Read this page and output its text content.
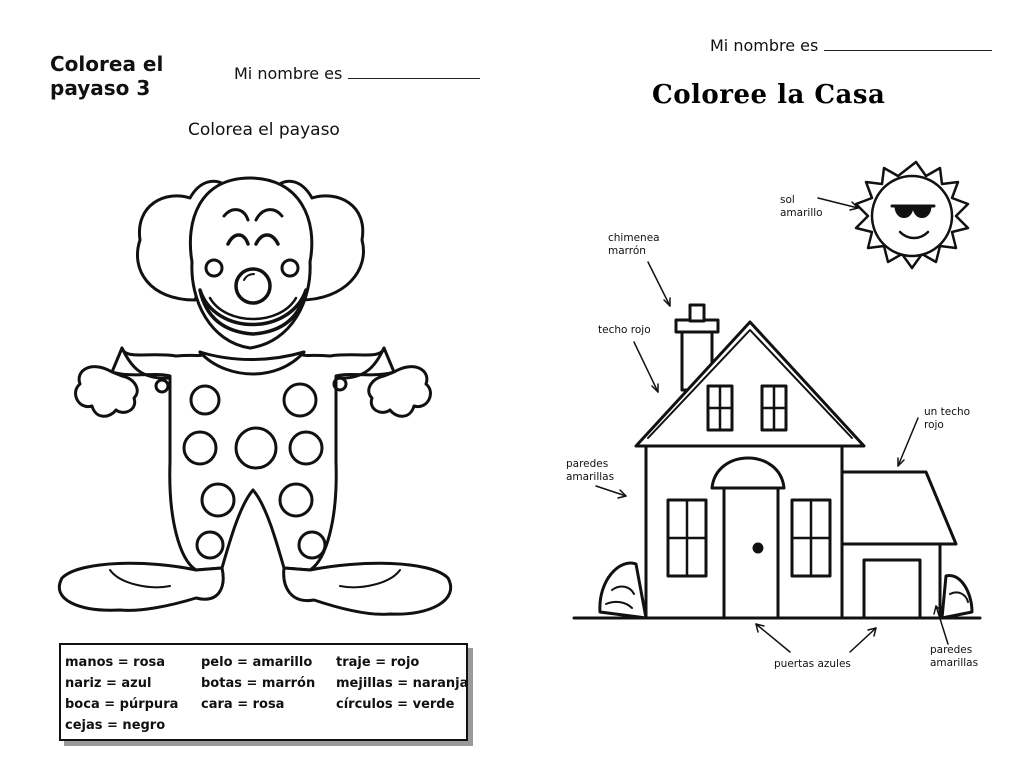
Colorea el payaso 3
Mi nombre es
Colorea el payaso
manos = rosa	pelo = amarillo	traje = rojo
nariz = azul	botas = marrón	mejillas = naranja
boca = púrpura	cara = rosa	círculos = verde
cejas = negro
Mi nombre es
Coloree la Casa
sol
amarillo
chimenea
marrón
techo rojo
paredes
amarillas
un techo
rojo
puertas azules
paredes
amarillas
